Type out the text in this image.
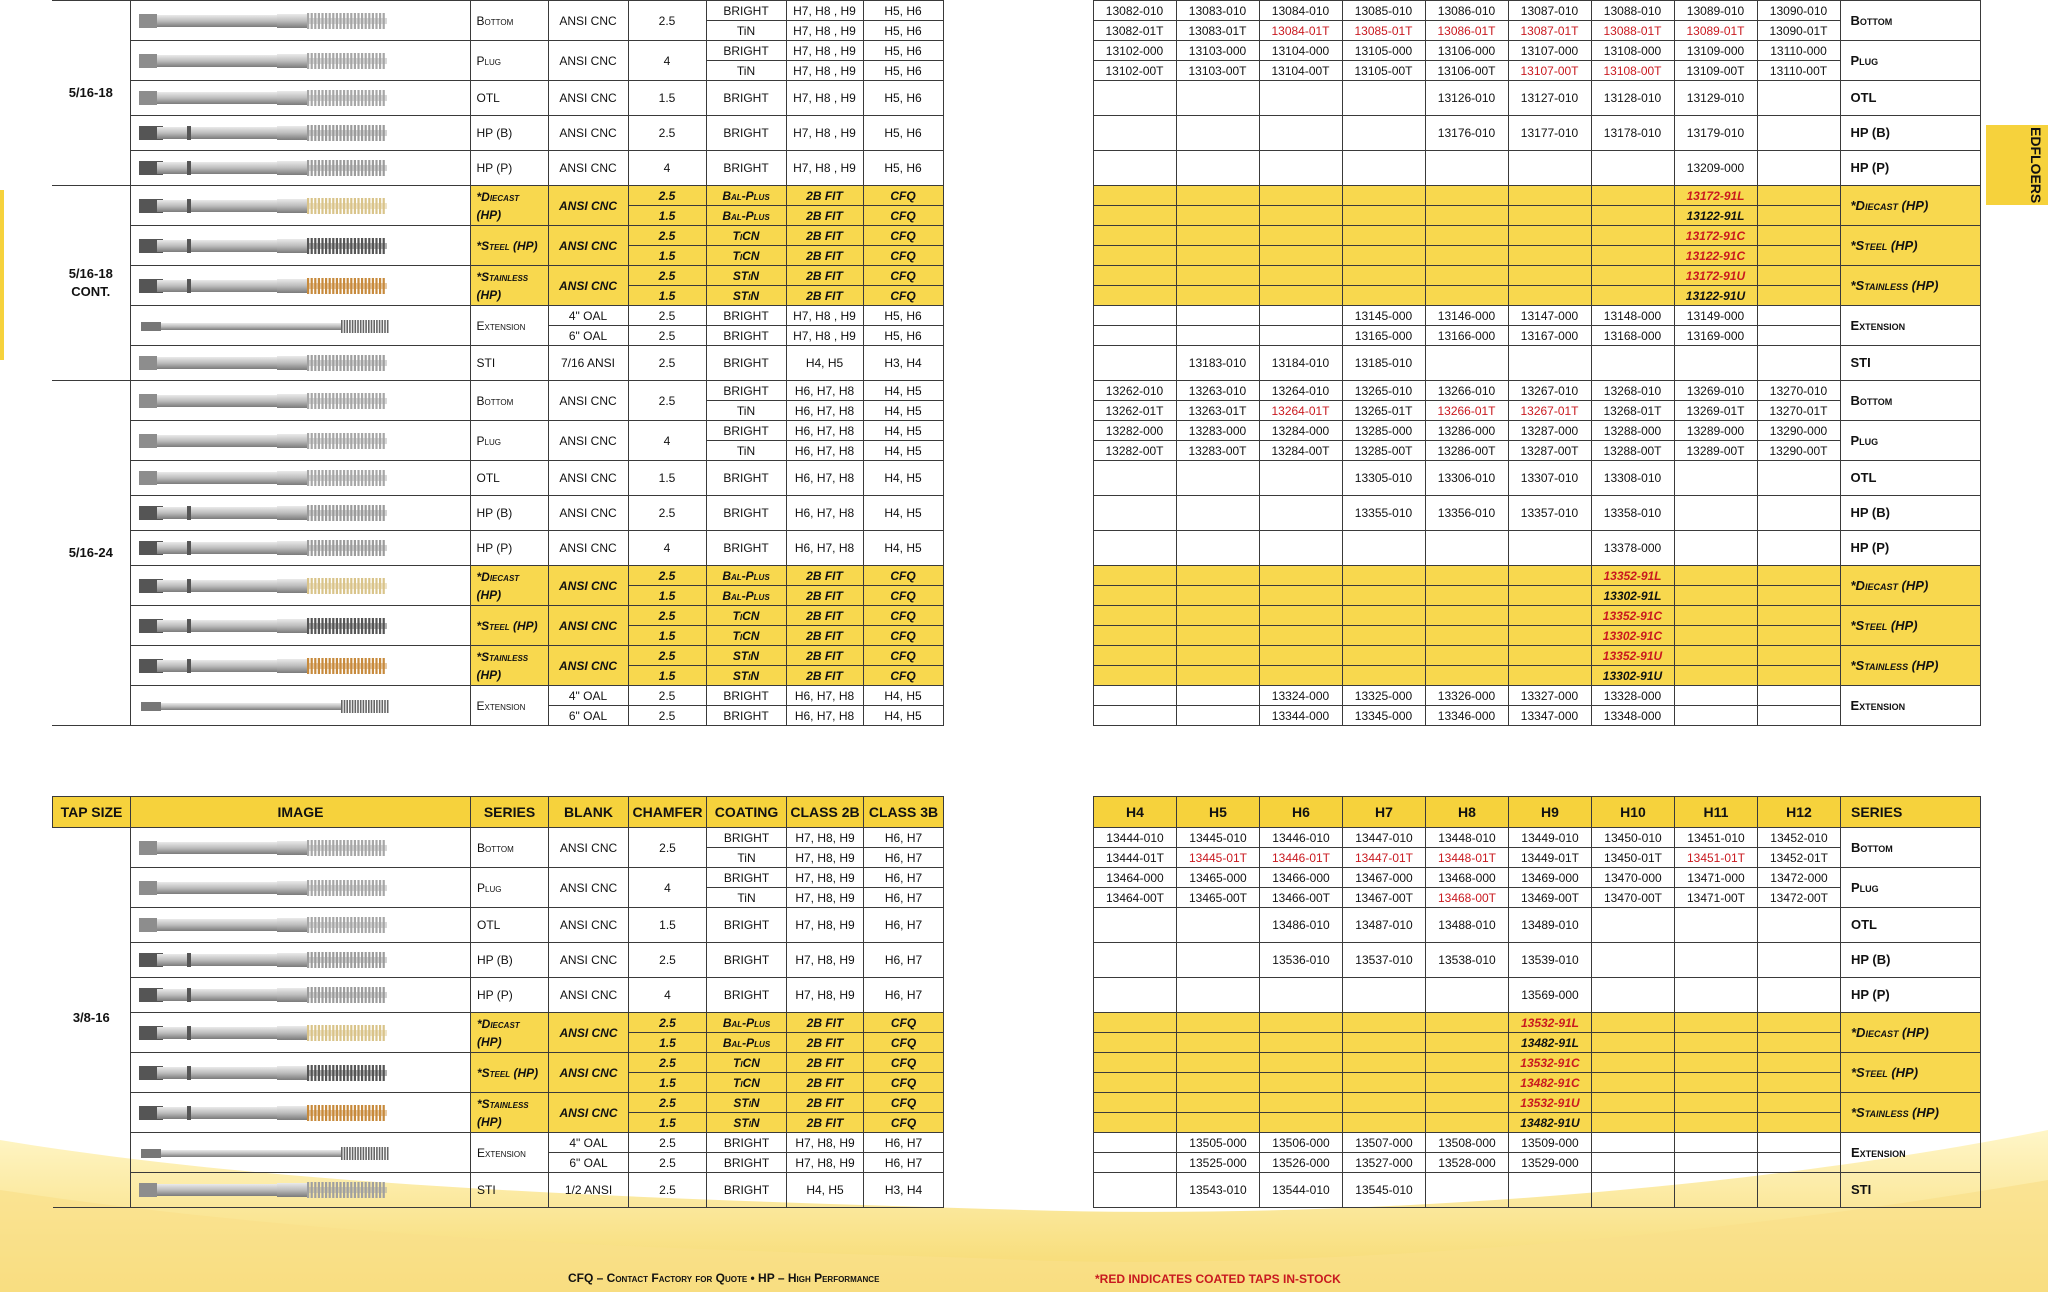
EDFLOERS
5/16-18		Bottom	ANSI CNC	2.5	BRIGHT	H7, H8 , H9	H5, H6		13082-010	13083-010	13084-010	13085-010	13086-010	13087-010	13088-010	13089-010	13090-010	Bottom
					TiN	H7, H8 , H9	H5, H6		13082-01T	13083-01T	13084-01T	13085-01T	13086-01T	13087-01T	13088-01T	13089-01T	13090-01T	

	Plug	ANSI CNC	4	BRIGHT	H7, H8 , H9	H5, H6		13102-000	13103-000	13104-000	13105-000	13106-000	13107-000	13108-000	13109-000	13110-000	Plug
					TiN	H7, H8 , H9	H5, H6		13102-00T	13103-00T	13104-00T	13105-00T	13106-00T	13107-00T	13108-00T	13109-00T	13110-00T	

	OTL	ANSI CNC	1.5	BRIGHT	H7, H8 , H9	H5, H6						13126-010	13127-010	13128-010	13129-010		OTL

	HP (B)	ANSI CNC	2.5	BRIGHT	H7, H8 , H9	H5, H6						13176-010	13177-010	13178-010	13179-010		HP (B)

	HP (P)	ANSI CNC	4	BRIGHT	H7, H8 , H9	H5, H6									13209-000		HP (P)
5/16-18 CONT.		*Diecast (HP)	ANSI CNC	2.5	Bal-Plus	2B FIT	CFQ									13172-91L		*Diecast (HP)
				1.5	Bal-Plus	2B FIT	CFQ									13122-91L		

	*Steel (HP)	ANSI CNC	2.5	TiCN	2B FIT	CFQ									13172-91C		*Steel (HP)
				1.5	TiCN	2B FIT	CFQ									13122-91C		

	*Stainless (HP)	ANSI CNC	2.5	STiN	2B FIT	CFQ									13172-91U		*Stainless (HP)
				1.5	STiN	2B FIT	CFQ									13122-91U		

	Extension	4" OAL	2.5	BRIGHT	H7, H8 , H9	H5, H6					13145-000	13146-000	13147-000	13148-000	13149-000		Extension
			6" OAL	2.5	BRIGHT	H7, H8 , H9	H5, H6					13165-000	13166-000	13167-000	13168-000	13169-000		

	STI	7/16 ANSI	2.5	BRIGHT	H4, H5	H3, H4			13183-010	13184-010	13185-010						STI
5/16-24		Bottom	ANSI CNC	2.5	BRIGHT	H6, H7, H8	H4, H5		13262-010	13263-010	13264-010	13265-010	13266-010	13267-010	13268-010	13269-010	13270-010	Bottom
					TiN	H6, H7, H8	H4, H5		13262-01T	13263-01T	13264-01T	13265-01T	13266-01T	13267-01T	13268-01T	13269-01T	13270-01T	

	Plug	ANSI CNC	4	BRIGHT	H6, H7, H8	H4, H5		13282-000	13283-000	13284-000	13285-000	13286-000	13287-000	13288-000	13289-000	13290-000	Plug
					TiN	H6, H7, H8	H4, H5		13282-00T	13283-00T	13284-00T	13285-00T	13286-00T	13287-00T	13288-00T	13289-00T	13290-00T	

	OTL	ANSI CNC	1.5	BRIGHT	H6, H7, H8	H4, H5					13305-010	13306-010	13307-010	13308-010			OTL

	HP (B)	ANSI CNC	2.5	BRIGHT	H6, H7, H8	H4, H5					13355-010	13356-010	13357-010	13358-010			HP (B)

	HP (P)	ANSI CNC	4	BRIGHT	H6, H7, H8	H4, H5								13378-000			HP (P)

	*Diecast (HP)	ANSI CNC	2.5	Bal-Plus	2B FIT	CFQ								13352-91L			*Diecast (HP)
				1.5	Bal-Plus	2B FIT	CFQ								13302-91L			

	*Steel (HP)	ANSI CNC	2.5	TiCN	2B FIT	CFQ								13352-91C			*Steel (HP)
				1.5	TiCN	2B FIT	CFQ								13302-91C			

	*Stainless (HP)	ANSI CNC	2.5	STiN	2B FIT	CFQ								13352-91U			*Stainless (HP)
				1.5	STiN	2B FIT	CFQ								13302-91U			

	Extension	4" OAL	2.5	BRIGHT	H6, H7, H8	H4, H5				13324-000	13325-000	13326-000	13327-000	13328-000			Extension
			6" OAL	2.5	BRIGHT	H6, H7, H8	H4, H5				13344-000	13345-000	13346-000	13347-000	13348-000			
TAP SIZE	IMAGE	SERIES	BLANK	CHAMFER	COATING	CLASS 2B	CLASS 3B		H4	H5	H6	H7	H8	H9	H10	H11	H12	SERIES
3/8-16		Bottom	ANSI CNC	2.5	BRIGHT	H7, H8, H9	H6, H7		13444-010	13445-010	13446-010	13447-010	13448-010	13449-010	13450-010	13451-010	13452-010	Bottom
					TiN	H7, H8, H9	H6, H7		13444-01T	13445-01T	13446-01T	13447-01T	13448-01T	13449-01T	13450-01T	13451-01T	13452-01T	

	Plug	ANSI CNC	4	BRIGHT	H7, H8, H9	H6, H7		13464-000	13465-000	13466-000	13467-000	13468-000	13469-000	13470-000	13471-000	13472-000	Plug
					TiN	H7, H8, H9	H6, H7		13464-00T	13465-00T	13466-00T	13467-00T	13468-00T	13469-00T	13470-00T	13471-00T	13472-00T	

	OTL	ANSI CNC	1.5	BRIGHT	H7, H8, H9	H6, H7				13486-010	13487-010	13488-010	13489-010				OTL

	HP (B)	ANSI CNC	2.5	BRIGHT	H7, H8, H9	H6, H7				13536-010	13537-010	13538-010	13539-010				HP (B)

	HP (P)	ANSI CNC	4	BRIGHT	H7, H8, H9	H6, H7							13569-000				HP (P)

	*Diecast (HP)	ANSI CNC	2.5	Bal-Plus	2B FIT	CFQ							13532-91L				*Diecast (HP)
				1.5	Bal-Plus	2B FIT	CFQ							13482-91L				

	*Steel (HP)	ANSI CNC	2.5	TiCN	2B FIT	CFQ							13532-91C				*Steel (HP)
				1.5	TiCN	2B FIT	CFQ							13482-91C				

	*Stainless (HP)	ANSI CNC	2.5	STiN	2B FIT	CFQ							13532-91U				*Stainless (HP)
				1.5	STiN	2B FIT	CFQ							13482-91U				

	Extension	4" OAL	2.5	BRIGHT	H7, H8, H9	H6, H7			13505-000	13506-000	13507-000	13508-000	13509-000				Extension
			6" OAL	2.5	BRIGHT	H7, H8, H9	H6, H7			13525-000	13526-000	13527-000	13528-000	13529-000				

	STI	1/2 ANSI	2.5	BRIGHT	H4, H5	H3, H4			13543-010	13544-010	13545-010						STI
CFQ – Contact Factory for Quote • HP – High Performance	*RED INDICATES COATED TAPS IN-STOCK
